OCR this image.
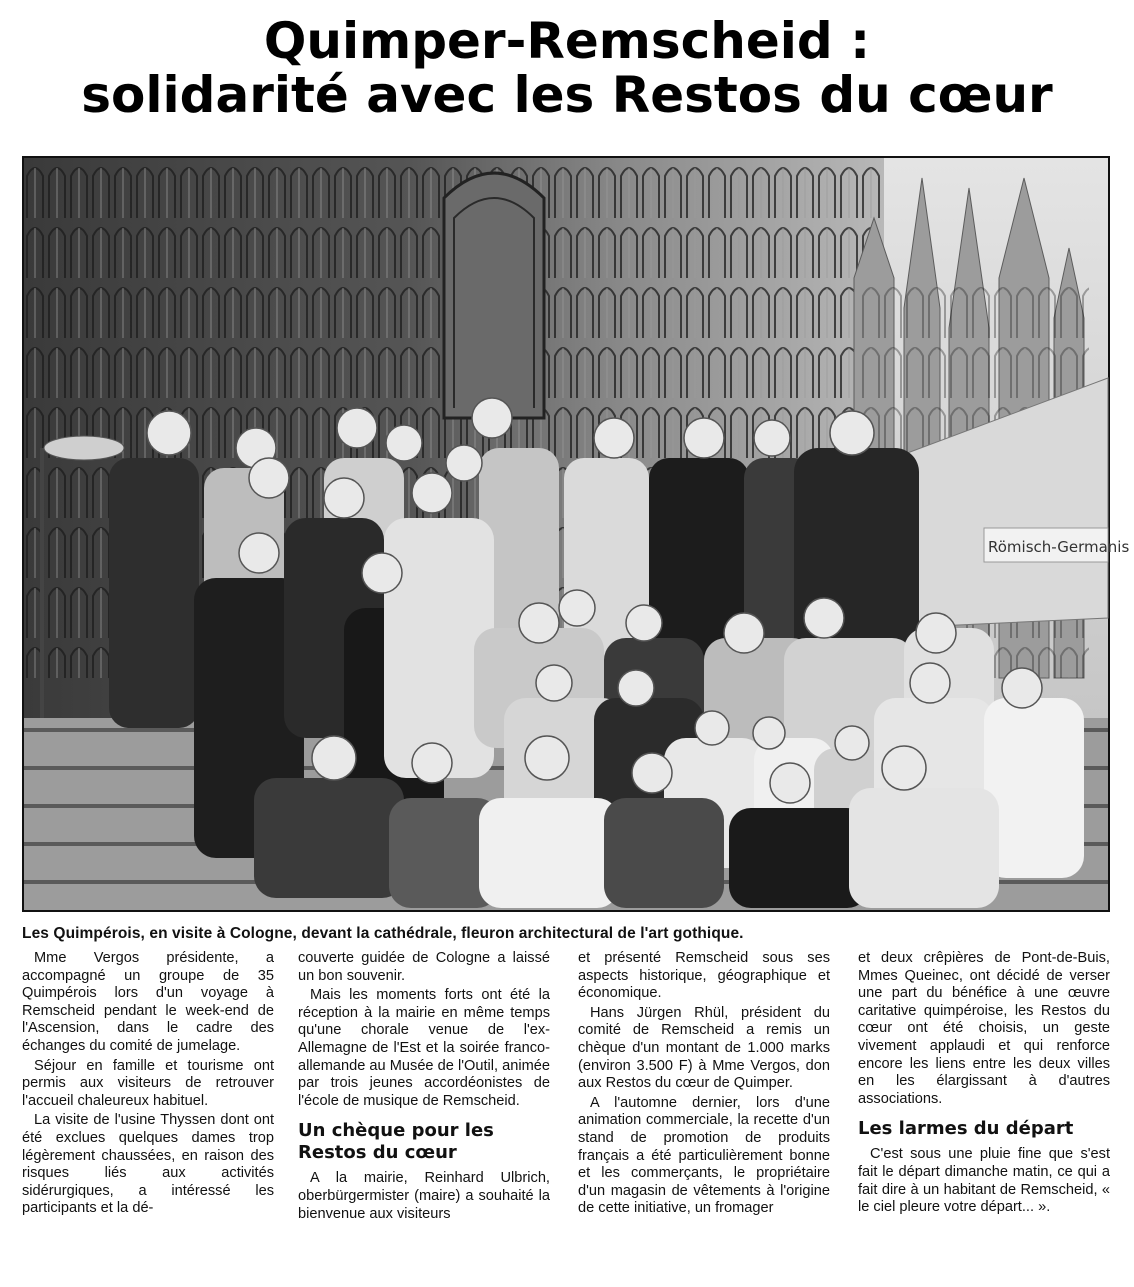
Quimper-Remscheid :
solidarité avec les Restos du cœur
Römisch-Germanis
Les Quimpérois, en visite à Cologne, devant la cathédrale, fleuron architectural de l'art gothique.

Mme Vergos présidente, a accompagné un groupe de 35 Quimpérois lors d'un voyage à Remscheid pendant le week-end de l'Ascension, dans le cadre des échanges du comité de jumelage.

Séjour en famille et tourisme ont permis aux visiteurs de retrouver l'accueil chaleureux habituel.

La visite de l'usine Thyssen dont ont été exclues quelques dames trop légèrement chaussées, en raison des risques liés aux activités sidérurgiques, a intéressé les participants et la dé-

couverte guidée de Cologne a laissé un bon souvenir.

Mais les moments forts ont été la réception à la mairie en même temps qu'une chorale venue de l'ex-Allemagne de l'Est et la soirée franco-allemande au Musée de l'Outil, animée par trois jeunes accordéonistes de l'école de musique de Remscheid.

Un chèque pour les Restos du cœur

A la mairie, Reinhard Ulbrich, oberbürgermister (maire) a souhaité la bienvenue aux visiteurs

et présenté Remscheid sous ses aspects historique, géographique et économique.

Hans Jürgen Rhül, président du comité de Remscheid a remis un chèque d'un montant de 1.000 marks (environ 3.500 F) à Mme Vergos, don aux Restos du cœur de Quimper.

A l'automne dernier, lors d'une animation commerciale, la recette d'un stand de promotion de produits français a été particulièrement bonne et les commerçants, le propriétaire d'un magasin de vêtements à l'origine de cette initiative, un fromager

et deux crêpières de Pont-de-Buis, Mmes Queinec, ont décidé de verser une part du bénéfice à une œuvre caritative quimpéroise, les Restos du cœur ont été choisis, un geste vivement applaudi et qui renforce encore les liens entre les deux villes en les élargissant à d'autres associations.

Les larmes du départ

C'est sous une pluie fine que s'est fait le départ dimanche matin, ce qui a fait dire à un habitant de Remscheid, « le ciel pleure votre départ... ».
